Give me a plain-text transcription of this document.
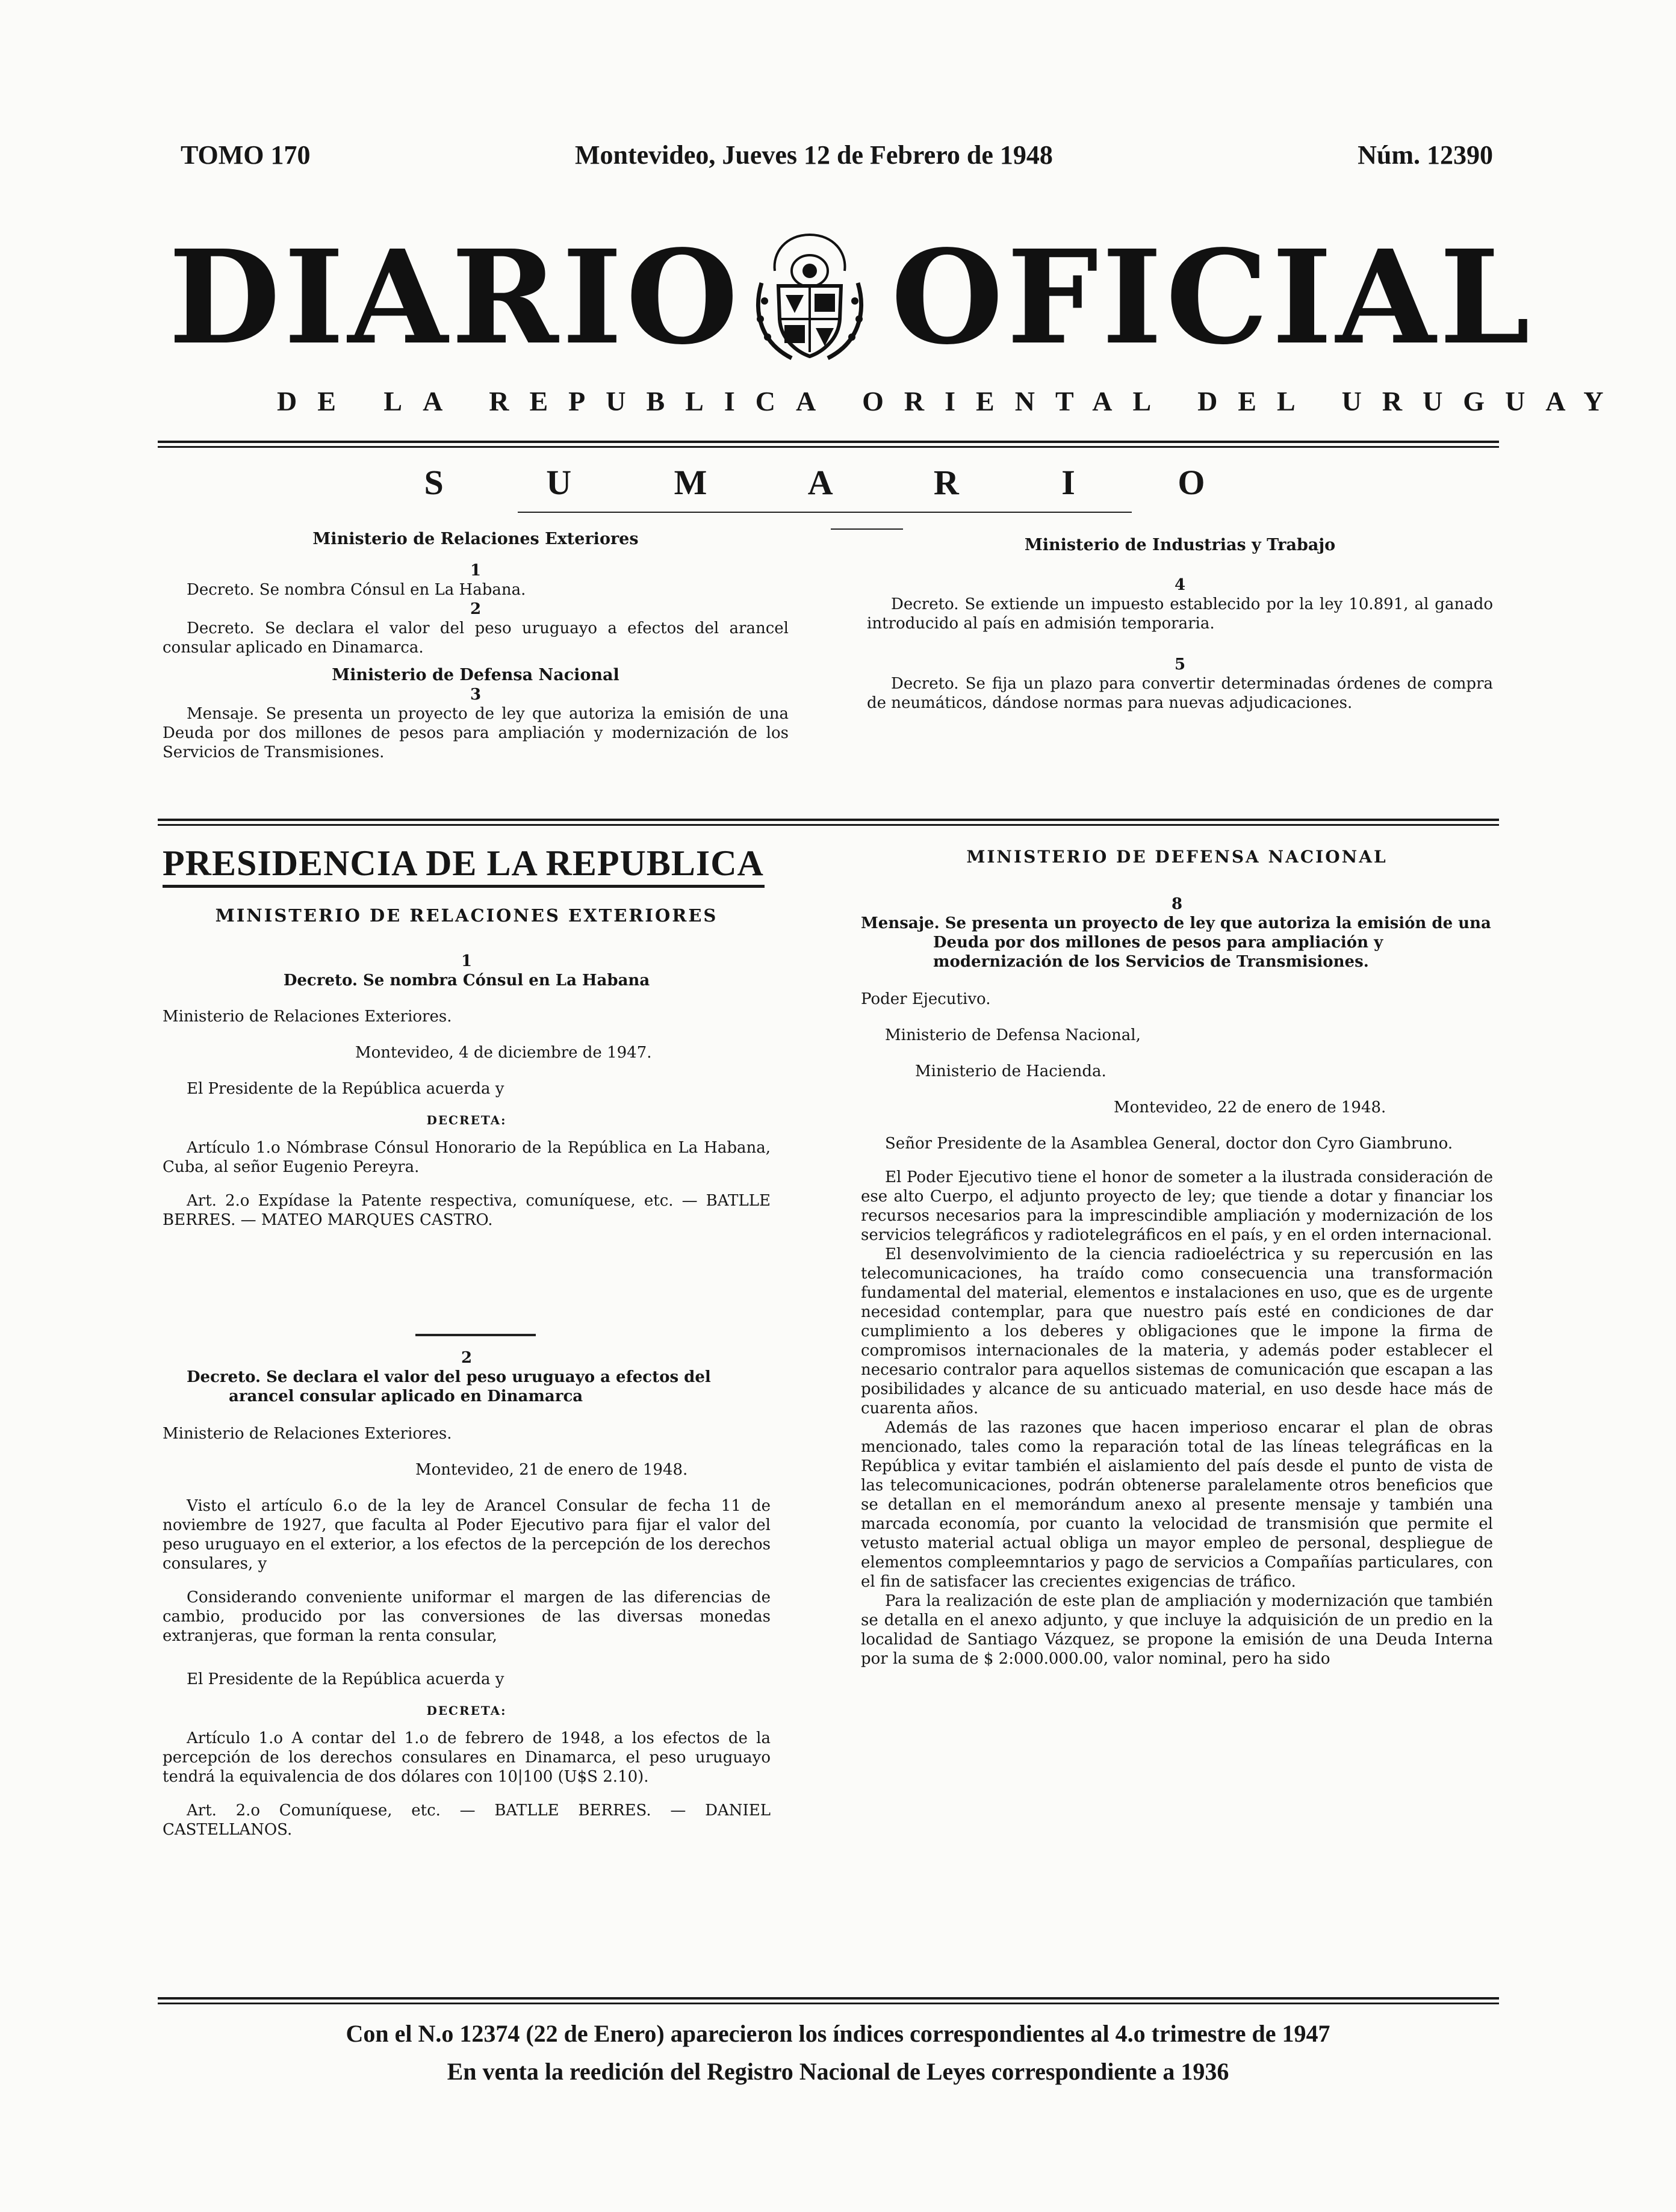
TOMO 170	Montevideo, Jueves 12 de Febrero de 1948	Núm. 12390
DIARIO OFICIAL
DE LA REPUBLICA ORIENTAL DEL URUGUAY
S U M A R I O
Ministerio de Relaciones Exteriores
1

Decreto. Se nombra Cónsul en La Habana.

2

Decreto. Se declara el valor del peso uruguayo a efectos del arancel consular aplicado en Dinamarca.

Ministerio de Defensa Nacional
3

Mensaje. Se presenta un proyecto de ley que autoriza la emisión de una Deuda por dos millones de pesos para ampliación y modernización de los Servicios de Transmisiones.

Ministerio de Industrias y Trabajo
4

Decreto. Se extiende un impuesto establecido por la ley 10.891, al ganado introducido al país en admisión temporaria.

5

Decreto. Se fija un plazo para convertir determinadas órdenes de compra de neumáticos, dándose normas para nuevas adjudicaciones.

PRESIDENCIA DE LA REPUBLICA
MINISTERIO DE RELACIONES EXTERIORES
1
Decreto. Se nombra Cónsul en La Habana
Ministerio de Relaciones Exteriores.
Montevideo, 4 de diciembre de 1947.
El Presidente de la República acuerda y
DECRETA:

Artículo 1.o Nómbrase Cónsul Honorario de la República en La Habana, Cuba, al señor Eugenio Pereyra.

Art. 2.o Expídase la Patente respectiva, comuníquese, etc. — BATLLE BERRES. — MATEO MARQUES CASTRO.

2

Decreto. Se declara el valor del peso uruguayo a efectos del arancel consular aplicado en Dinamarca

Ministerio de Relaciones Exteriores.
Montevideo, 21 de enero de 1948.

Visto el artículo 6.o de la ley de Arancel Consular de fecha 11 de noviembre de 1927, que faculta al Poder Ejecutivo para fijar el valor del peso uruguayo en el exterior, a los efectos de la percepción de los derechos consulares, y

Considerando conveniente uniformar el margen de las diferencias de cambio, producido por las conversiones de las diversas monedas extranjeras, que forman la renta consular,

El Presidente de la República acuerda y
DECRETA:

Artículo 1.o A contar del 1.o de febrero de 1948, a los efectos de la percepción de los derechos consulares en Dinamarca, el peso uruguayo tendrá la equivalencia de dos dólares con 10|100 (U$S 2.10).

Art. 2.o Comuníquese, etc. — BATLLE BERRES. — DANIEL CASTELLANOS.

MINISTERIO DE DEFENSA NACIONAL
8

Mensaje. Se presenta un proyecto de ley que autoriza la emisión de una Deuda por dos millones de pesos para ampliación y modernización de los Servicios de Transmisiones.

Poder Ejecutivo.
Ministerio de Defensa Nacional,
Ministerio de Hacienda.
Montevideo, 22 de enero de 1948.

Señor Presidente de la Asamblea General, doctor don Cyro Giambruno.

El Poder Ejecutivo tiene el honor de someter a la ilustrada consideración de ese alto Cuerpo, el adjunto proyecto de ley; que tiende a dotar y financiar los recursos necesarios para la imprescindible ampliación y modernización de los servicios telegráficos y radiotelegráficos en el país, y en el orden internacional.

El desenvolvimiento de la ciencia radioeléctrica y su repercusión en las telecomunicaciones, ha traído como consecuencia una transformación fundamental del material, elementos e instalaciones en uso, que es de urgente necesidad contemplar, para que nuestro país esté en condiciones de dar cumplimiento a los deberes y obligaciones que le impone la firma de compromisos internacionales de la materia, y además poder establecer el necesario contralor para aquellos sistemas de comunicación que escapan a las posibilidades y alcance de su anticuado material, en uso desde hace más de cuarenta años.

Además de las razones que hacen imperioso encarar el plan de obras mencionado, tales como la reparación total de las líneas telegráficas en la República y evitar también el aislamiento del país desde el punto de vista de las telecomunicaciones, podrán obtenerse paralelamente otros beneficios que se detallan en el memorándum anexo al presente mensaje y también una marcada economía, por cuanto la velocidad de transmisión que permite el vetusto material actual obliga un mayor empleo de personal, despliegue de elementos compleemntarios y pago de servicios a Compañías particulares, con el fin de satisfacer las crecientes exigencias de tráfico.

Para la realización de este plan de ampliación y modernización que también se detalla en el anexo adjunto, y que incluye la adquisición de un predio en la localidad de Santiago Vázquez, se propone la emisión de una Deuda Interna por la suma de $ 2:000.000.00, valor nominal, pero ha sido

Con el N.o 12374 (22 de Enero) aparecieron los índices correspondientes al 4.o trimestre de 1947
En venta la reedición del Registro Nacional de Leyes correspondiente a 1936
